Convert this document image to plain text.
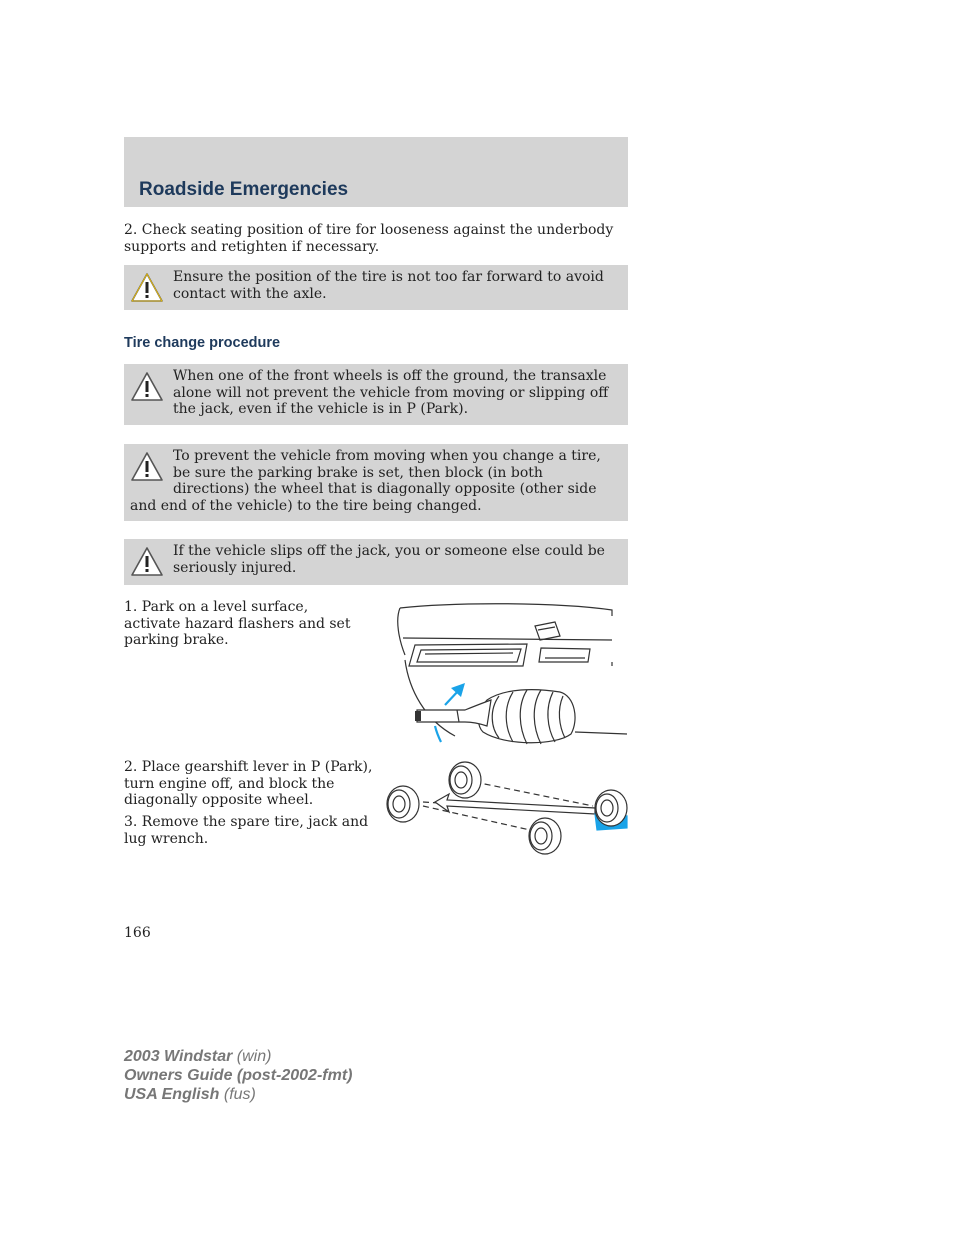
Roadside Emergencies
2. Check seating position of tire for looseness against the underbody supports and retighten if necessary.
Ensure the position of the tire is not too far forward to avoid contact with the axle.
Tire change procedure
When one of the front wheels is off the ground, the transaxle alone will not prevent the vehicle from moving or slipping off the jack, even if the vehicle is in P (Park).
To prevent the vehicle from moving when you change a tire, be sure the parking brake is set, then block (in both directions) the wheel that is diagonally opposite (other side and end of the vehicle) to the tire being changed.
If the vehicle slips off the jack, you or someone else could be seriously injured.
1. Park on a level surface, activate hazard flashers and set parking brake.
2. Place gearshift lever in P (Park), turn engine off, and block the diagonally opposite wheel.
3. Remove the spare tire, jack and lug wrench.
166
2003 Windstar (win)
Owners Guide (post-2002-fmt)
USA English (fus)
